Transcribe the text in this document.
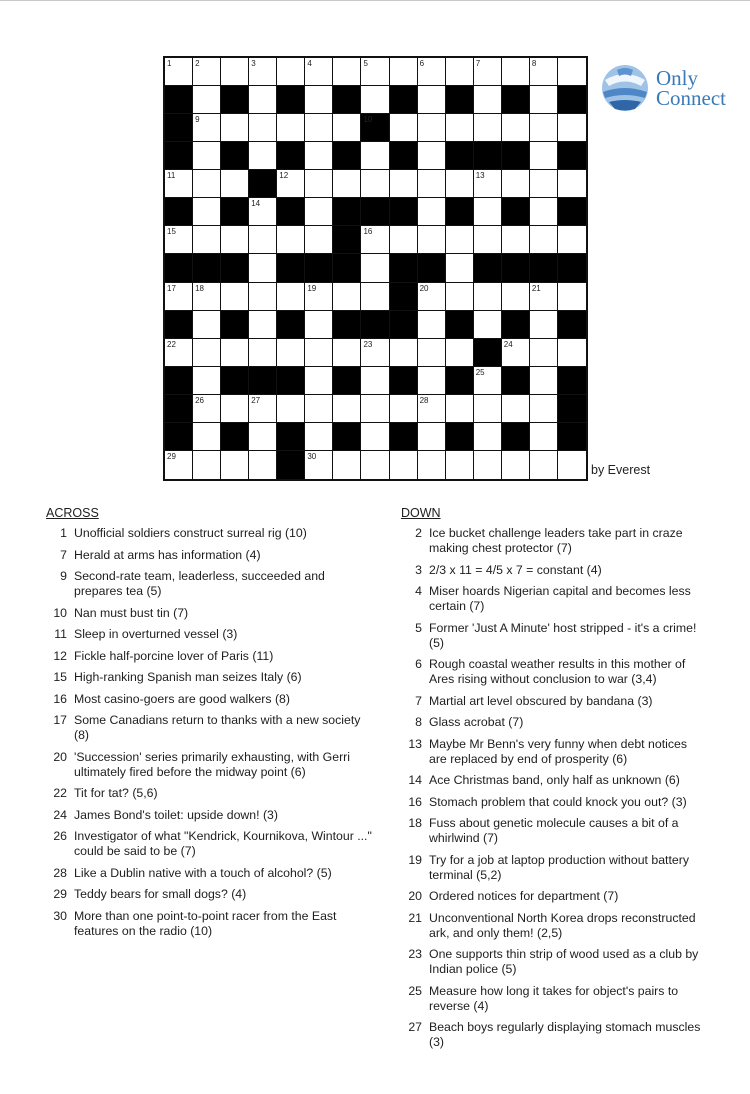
1	2	3	4	5	6	7	8
9	10
11	12	13
14
15	16
17 18	19	20	21
22	23	24
25
26	27	28
29	30
Only
Connect
by Everest
ACROSS
1 Unofficial soldiers construct surreal rig (10)
7 Herald at arms has information (4)
9 Second-rate team, leaderless, succeeded and prepares tea (5)
10 Nan must bust tin (7)
11 Sleep in overturned vessel (3)
12 Fickle half-porcine lover of Paris (11)
15 High-ranking Spanish man seizes Italy (6)
16 Most casino-goers are good walkers (8)
17 Some Canadians return to thanks with a new society (8)
20 'Succession' series primarily exhausting, with Gerri ultimately fired before the midway point (6)
22 Tit for tat? (5,6)
24 James Bond's toilet: upside down! (3)
26 Investigator of what "Kendrick, Kournikova, Wintour ..." could be said to be (7)
28 Like a Dublin native with a touch of alcohol? (5)
29 Teddy bears for small dogs? (4)
30 More than one point-to-point racer from the East features on the radio (10)
DOWN
2 Ice bucket challenge leaders take part in craze making chest protector (7)
3 2/3 x 11 = 4/5 x 7 = constant (4)
4 Miser hoards Nigerian capital and becomes less certain (7)
5 Former 'Just A Minute' host stripped - it's a crime! (5)
6 Rough coastal weather results in this mother of Ares rising without conclusion to war (3,4)
7 Martial art level obscured by bandana (3)
8 Glass acrobat (7)
13 Maybe Mr Benn's very funny when debt notices are replaced by end of prosperity (6)
14 Ace Christmas band, only half as unknown (6)
16 Stomach problem that could knock you out? (3)
18 Fuss about genetic molecule causes a bit of a whirlwind (7)
19 Try for a job at laptop production without battery terminal (5,2)
20 Ordered notices for department (7)
21 Unconventional North Korea drops reconstructed ark, and only them! (2,5)
23 One supports thin strip of wood used as a club by Indian police (5)
25 Measure how long it takes for object's pairs to reverse (4)
27 Beach boys regularly displaying stomach muscles (3)
